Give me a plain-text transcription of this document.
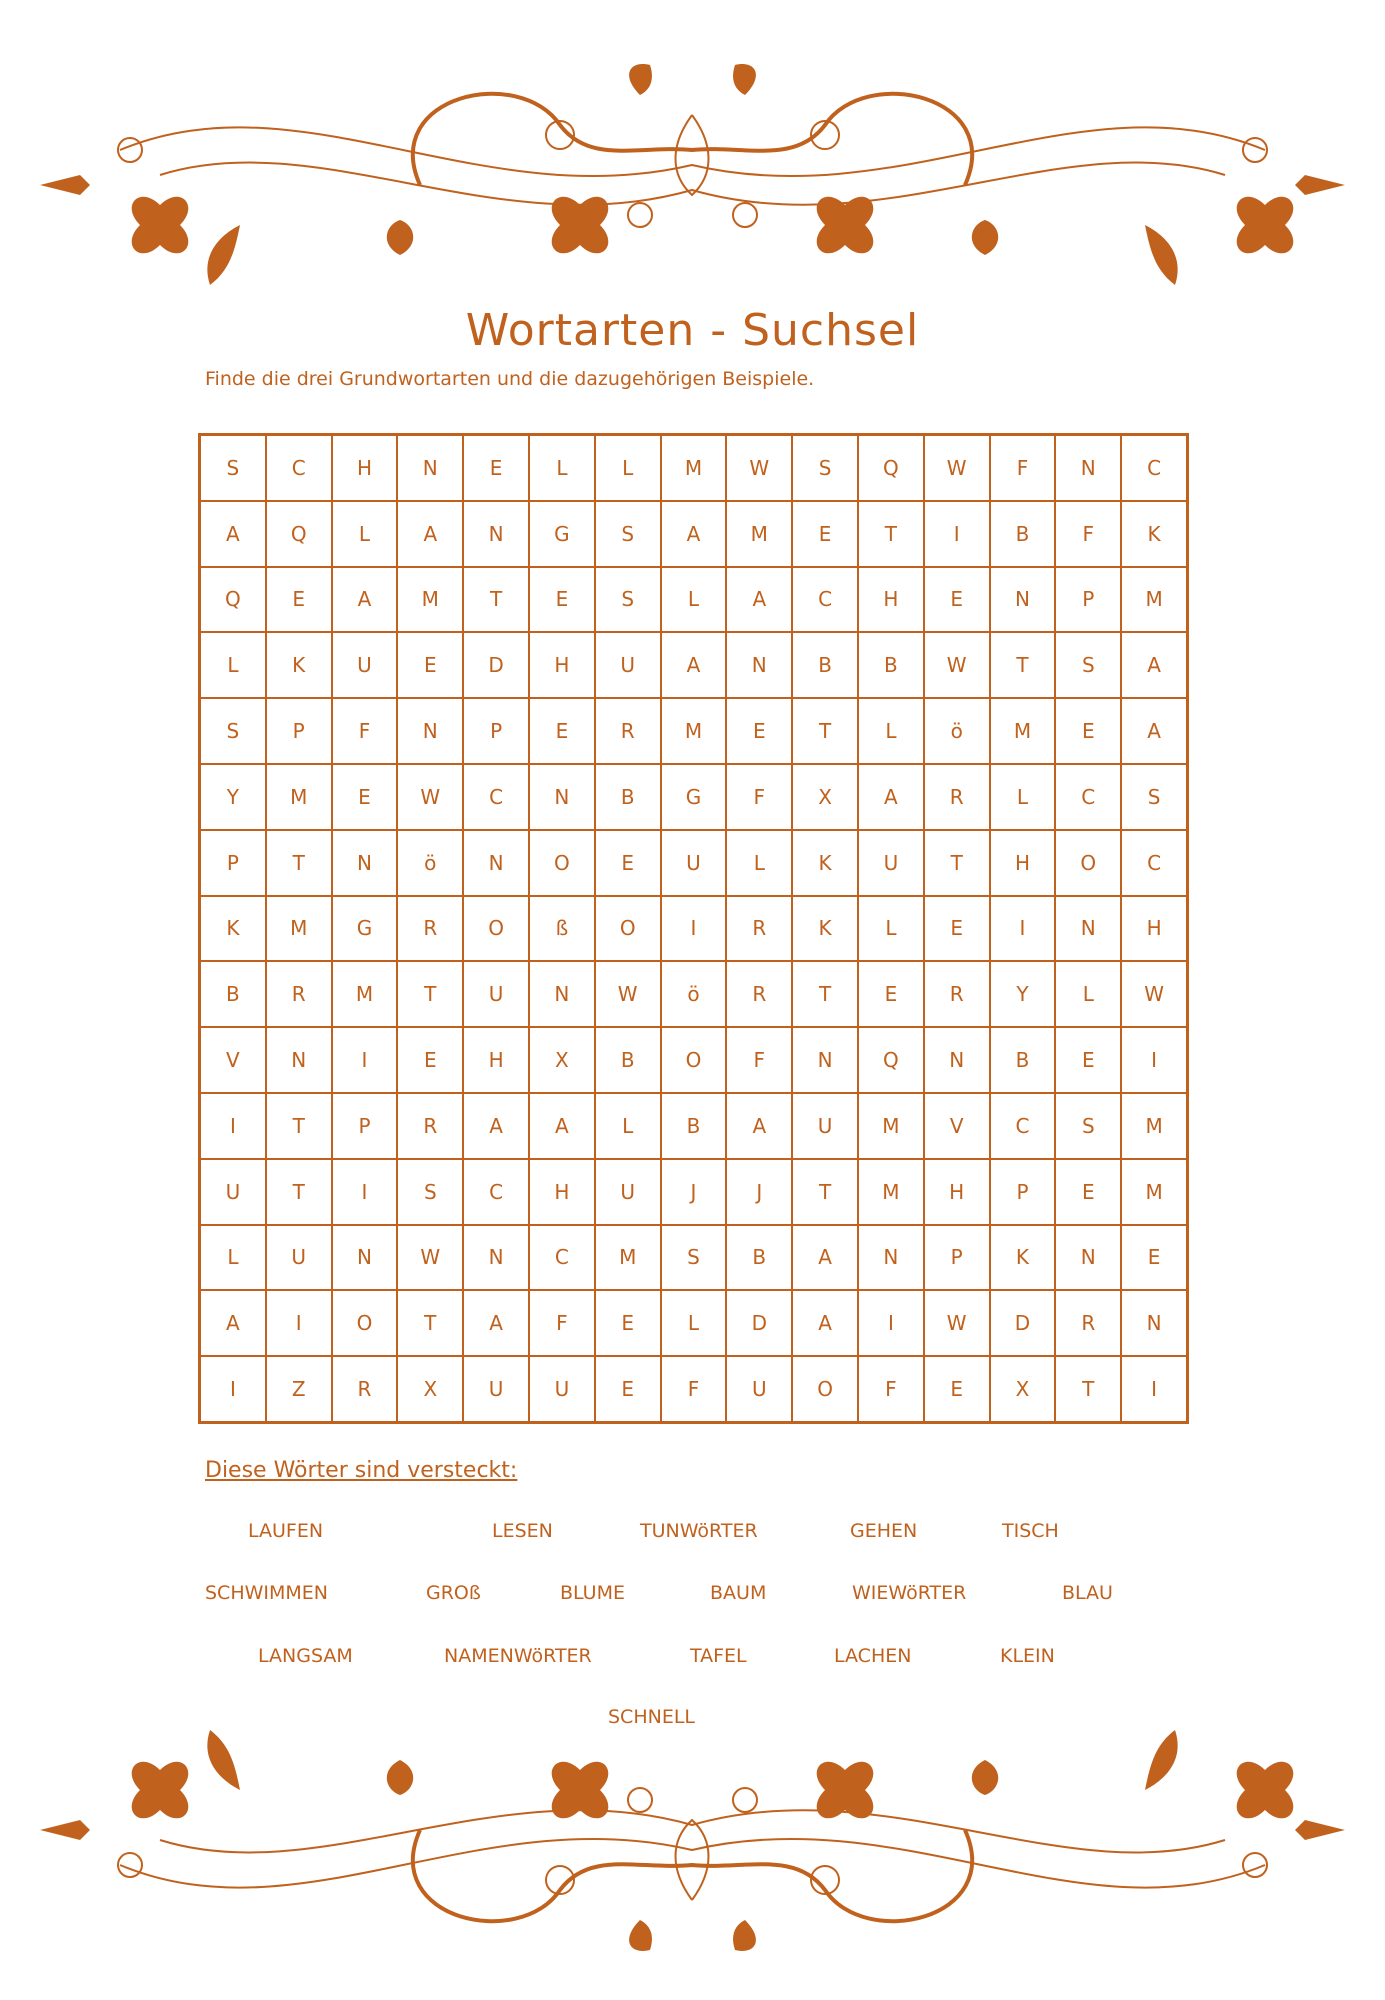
Wortarten - Suchsel
Finde die drei Grundwortarten und die dazugehörigen Beispiele.
S	C	H	N	E	L	L	M	W	S	Q	W	F	N	C
A	Q	L	A	N	G	S	A	M	E	T	I	B	F	K
Q	E	A	M	T	E	S	L	A	C	H	E	N	P	M
L	K	U	E	D	H	U	A	N	B	B	W	T	S	A
S	P	F	N	P	E	R	M	E	T	L	ö	M	E	A
Y	M	E	W	C	N	B	G	F	X	A	R	L	C	S
P	T	N	ö	N	O	E	U	L	K	U	T	H	O	C
K	M	G	R	O	ß	O	I	R	K	L	E	I	N	H
B	R	M	T	U	N	W	ö	R	T	E	R	Y	L	W
V	N	I	E	H	X	B	O	F	N	Q	N	B	E	I
I	T	P	R	A	A	L	B	A	U	M	V	C	S	M
U	T	I	S	C	H	U	J	J	T	M	H	P	E	M
L	U	N	W	N	C	M	S	B	A	N	P	K	N	E
A	I	O	T	A	F	E	L	D	A	I	W	D	R	N
I	Z	R	X	U	U	E	F	U	O	F	E	X	T	I
Diese Wörter sind versteckt:
LAUFEN	LESEN	TUNWöRTER	GEHEN	TISCH
SCHWIMMEN	GROß	BLUME	BAUM	WIEWöRTER	BLAU
LANGSAM	NAMENWöRTER	TAFEL	LACHEN	KLEIN
SCHNELL
